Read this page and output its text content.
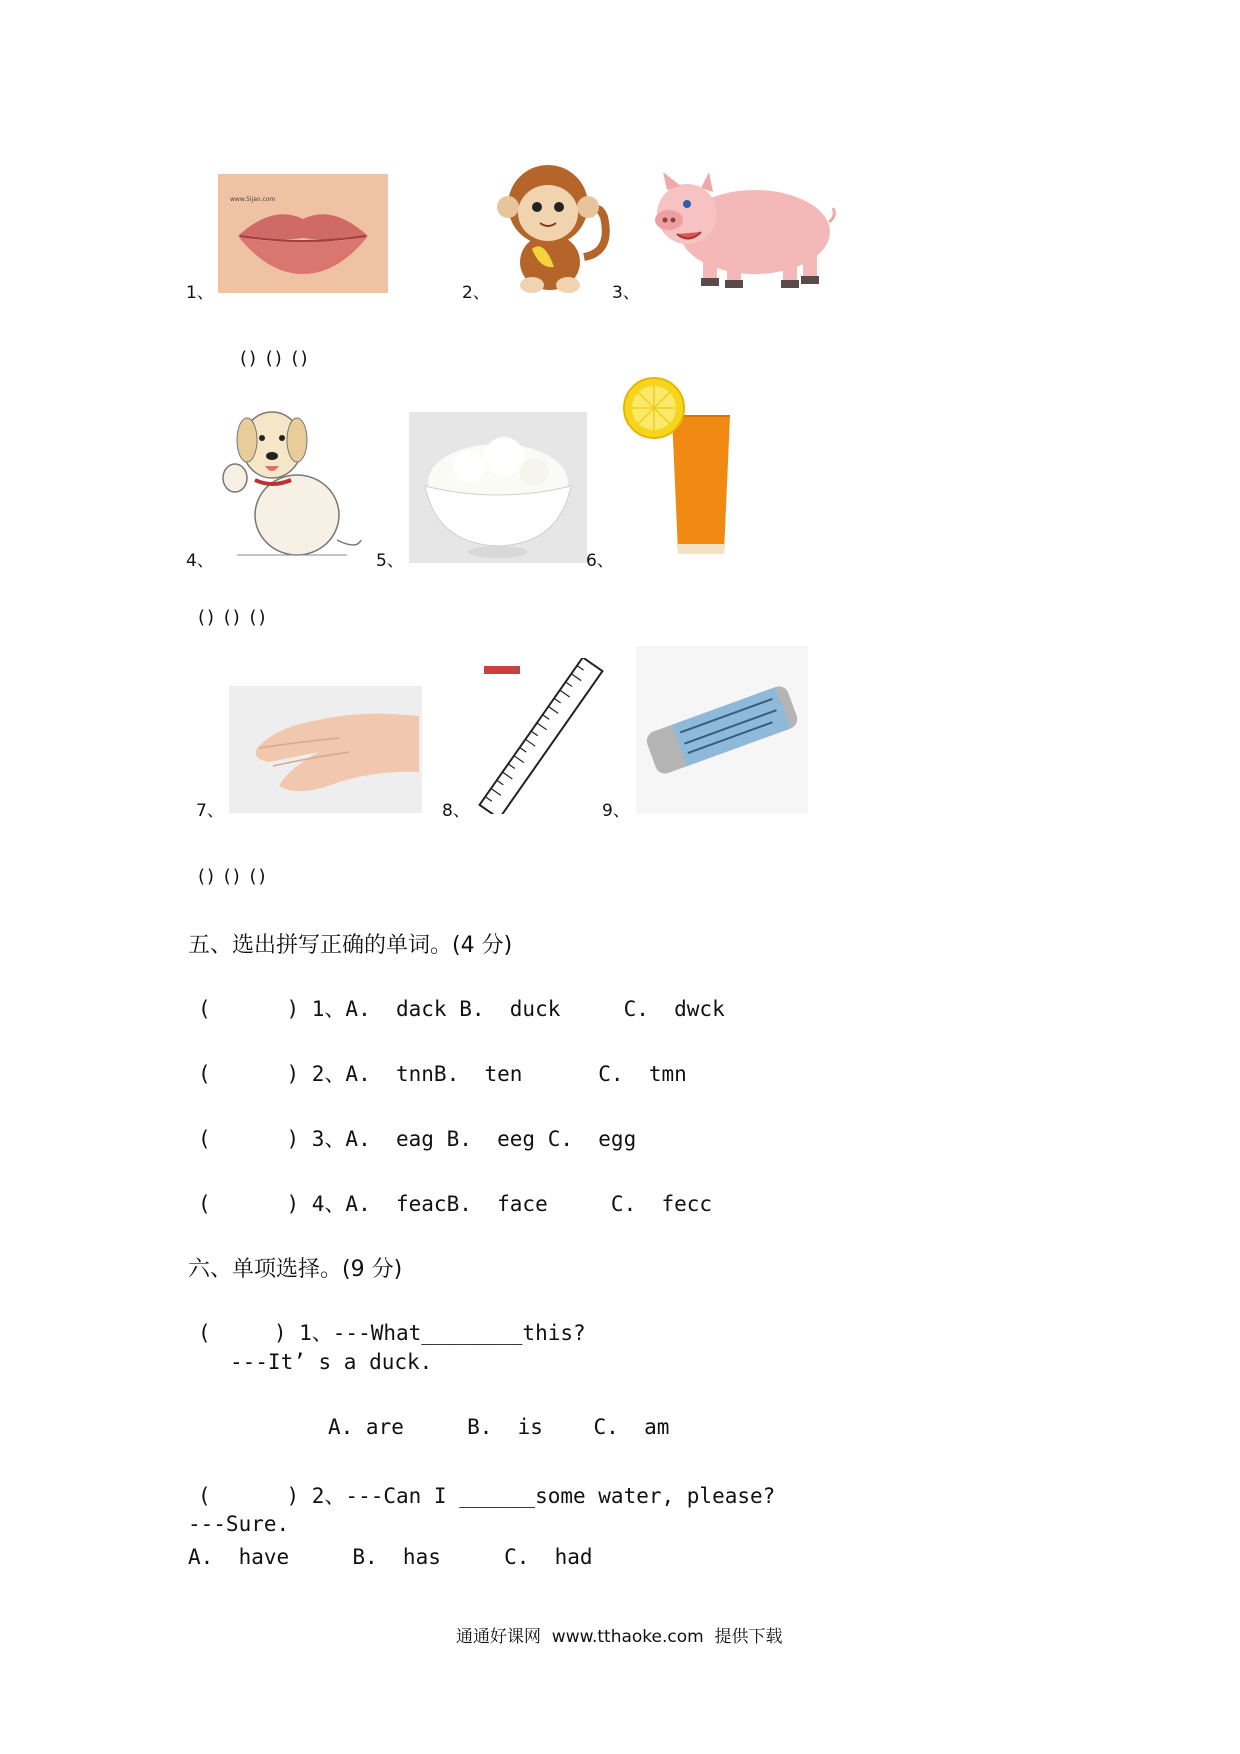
1、
www.5ijan.com
2、	3、
() () ()
4、	5、	6、
() () ()
7、	8、	9、
() () ()
五、选出拼写正确的单词。(4 分)
(      ) 1、A.  dack B.  duck     C.  dwck
(      ) 2、A.  tnnB.  ten      C.  tmn
(      ) 3、A.  eag B.  eeg C.  egg
(      ) 4、A.  feacB.  face     C.  fecc
六、单项选择。(9 分)
(     ) 1、---What________this?
---It’ s a duck.
A. are     B.  is    C.  am
(      ) 2、---Can I ______some water, please?
---Sure.
A.  have     B.  has     C.  had
通通好课网  www.tthaoke.com  提供下载
